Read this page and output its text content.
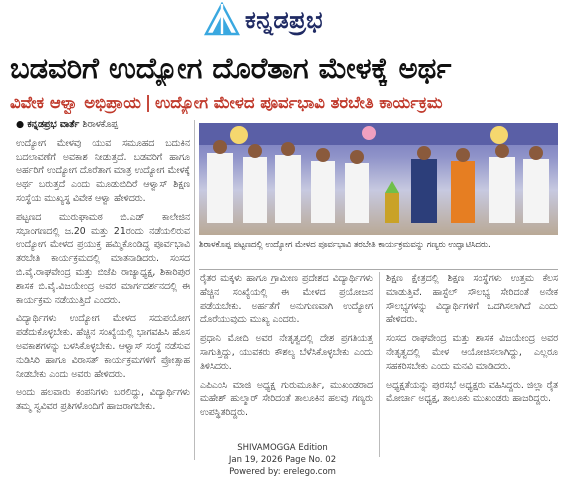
ಕನ್ನಡಪ್ರಭ
ಬಡವರಿಗೆ ಉದ್ಯೋಗ ದೊರೆತಾಗ ಮೇಳಕ್ಕೆ ಅರ್ಥ
ವಿವೇಕ ಆಳ್ವಾ ಅಭಿಪ್ರಾಯ | ಉದ್ಯೋಗ ಮೇಳದ ಪೂರ್ವಭಾವಿ ತರಬೇತಿ ಕಾರ್ಯಕ್ರಮ

● ಕನ್ನಡಪ್ರಭ ವಾರ್ತೆ ಶಿರಾಳಕೊಪ್ಪ

ಉದ್ಯೋಗ ಮೇಳವು ಯುವ ಸಮೂಹದ ಬದುಕಿನ ಬದಲಾವಣೆಗೆ ಅವಕಾಶ ನೀಡುತ್ತದೆ. ಬಡವರಿಗೆ ಹಾಗೂ ಅರ್ಹರಿಗೆ ಉದ್ಯೋಗ ದೊರೆತಾಗ ಮಾತ್ರ ಉದ್ಯೋಗ ಮೇಳಕ್ಕೆ ಅರ್ಥ ಬರುತ್ತದೆ ಎಂದು ಮೂಡುಬಿದಿರೆ ಆಳ್ವಾಸ್ ಶಿಕ್ಷಣ ಸಂಸ್ಥೆಯ ಮುಖ್ಯಸ್ಥ ವಿವೇಕ ಆಳ್ವಾ ಹೇಳಿದರು.

ಪಟ್ಟಣದ ಮುರುಘಾಮಠ ಬಿ.ಎಡ್ ಕಾಲೇಜಿನ ಸಭಾಂಗಣದಲ್ಲಿ ಜ.20 ಮತ್ತು 21ರಂದು ನಡೆಯಲಿರುವ ಉದ್ಯೋಗ ಮೇಳದ ಪ್ರಯುಕ್ತ ಹಮ್ಮಿಕೊಂಡಿದ್ದ ಪೂರ್ವಭಾವಿ ತರಬೇತಿ ಕಾರ್ಯಕ್ರಮದಲ್ಲಿ ಮಾತನಾಡಿದರು. ಸಂಸದ ಬಿ.ವೈ.ರಾಘವೇಂದ್ರ ಮತ್ತು ಬಿಜೆಪಿ ರಾಜ್ಯಾಧ್ಯಕ್ಷ, ಶಿಕಾರಿಪುರ ಶಾಸಕ ಬಿ.ವೈ.ವಿಜಯೇಂದ್ರ ಅವರ ಮಾರ್ಗದರ್ಶನದಲ್ಲಿ ಈ ಕಾರ್ಯಕ್ರಮ ನಡೆಯುತ್ತಿದೆ ಎಂದರು.

ವಿದ್ಯಾರ್ಥಿಗಳು ಉದ್ಯೋಗ ಮೇಳದ ಸದುಪಯೋಗ ಪಡೆದುಕೊಳ್ಳಬೇಕು. ಹೆಚ್ಚಿನ ಸಂಖ್ಯೆಯಲ್ಲಿ ಭಾಗವಹಿಸಿ ಹೊಸ ಅವಕಾಶಗಳನ್ನು ಬಳಸಿಕೊಳ್ಳಬೇಕು. ಆಳ್ವಾಸ್ ಸಂಸ್ಥೆ ನಡೆಸುವ ನುಡಿಸಿರಿ ಹಾಗೂ ವಿರಾಸತ್ ಕಾರ್ಯಕ್ರಮಗಳಿಗೆ ಪ್ರೋತ್ಸಾಹ ನೀಡಬೇಕು ಎಂದು ಅವರು ಹೇಳಿದರು.

ಅಂದು ಹಲವಾರು ಕಂಪನಿಗಳು ಬರಲಿದ್ದು, ವಿದ್ಯಾರ್ಥಿಗಳು ತಮ್ಮ ಸ್ವವಿವರ ಪ್ರತಿಗಳೊಂದಿಗೆ ಹಾಜರಾಗಬೇಕು.

ಶಿರಾಳಕೊಪ್ಪ ಪಟ್ಟಣದಲ್ಲಿ ಉದ್ಯೋಗ ಮೇಳದ ಪೂರ್ವಭಾವಿ ತರಬೇತಿ ಕಾರ್ಯಕ್ರಮವನ್ನು ಗಣ್ಯರು ಉದ್ಘಾಟಿಸಿದರು.

ರೈತರ ಮಕ್ಕಳು ಹಾಗೂ ಗ್ರಾಮೀಣ ಪ್ರದೇಶದ ವಿದ್ಯಾರ್ಥಿಗಳು ಹೆಚ್ಚಿನ ಸಂಖ್ಯೆಯಲ್ಲಿ ಈ ಮೇಳದ ಪ್ರಯೋಜನ ಪಡೆಯಬೇಕು. ಅರ್ಹತೆಗೆ ಅನುಗುಣವಾಗಿ ಉದ್ಯೋಗ ದೊರೆಯುವುದು ಮುಖ್ಯ ಎಂದರು.

ಪ್ರಧಾನಿ ಮೋದಿ ಅವರ ನೇತೃತ್ವದಲ್ಲಿ ದೇಶ ಪ್ರಗತಿಯತ್ತ ಸಾಗುತ್ತಿದ್ದು, ಯುವಕರು ಕೌಶಲ್ಯ ಬೆಳೆಸಿಕೊಳ್ಳಬೇಕು ಎಂದು ತಿಳಿಸಿದರು.

ಎಪಿಎಂಸಿ ಮಾಜಿ ಅಧ್ಯಕ್ಷ ಗುರುಮೂರ್ತಿ, ಮುಖಂಡರಾದ ಮಹೇಶ್ ಹುಲ್ಮಾರ್ ಸೇರಿದಂತೆ ತಾಲೂಕಿನ ಹಲವು ಗಣ್ಯರು ಉಪಸ್ಥಿತರಿದ್ದರು.

ಶಿಕ್ಷಣ ಕ್ಷೇತ್ರದಲ್ಲಿ ಶಿಕ್ಷಣ ಸಂಸ್ಥೆಗಳು ಉತ್ತಮ ಕೆಲಸ ಮಾಡುತ್ತಿವೆ. ಹಾಸ್ಟೆಲ್ ಸೌಲಭ್ಯ ಸೇರಿದಂತೆ ಅನೇಕ ಸೌಲಭ್ಯಗಳನ್ನು ವಿದ್ಯಾರ್ಥಿಗಳಿಗೆ ಒದಗಿಸಲಾಗಿದೆ ಎಂದು ಹೇಳಿದರು.

ಸಂಸದ ರಾಘವೇಂದ್ರ ಮತ್ತು ಶಾಸಕ ವಿಜಯೇಂದ್ರ ಅವರ ನೇತೃತ್ವದಲ್ಲಿ ಮೇಳ ಆಯೋಜಿಸಲಾಗಿದ್ದು, ಎಲ್ಲರೂ ಸಹಕರಿಸಬೇಕು ಎಂದು ಮನವಿ ಮಾಡಿದರು.

ಅಧ್ಯಕ್ಷತೆಯನ್ನು ಪುರಸಭೆ ಅಧ್ಯಕ್ಷರು ವಹಿಸಿದ್ದರು. ಜಿಲ್ಲಾ ರೈತ ಮೋರ್ಚಾ ಅಧ್ಯಕ್ಷ, ತಾಲೂಕು ಮುಖಂಡರು ಹಾಜರಿದ್ದರು.

SHIVAMOGGA Edition
Jan 19, 2026 Page No. 02
Powered by: erelego.com
